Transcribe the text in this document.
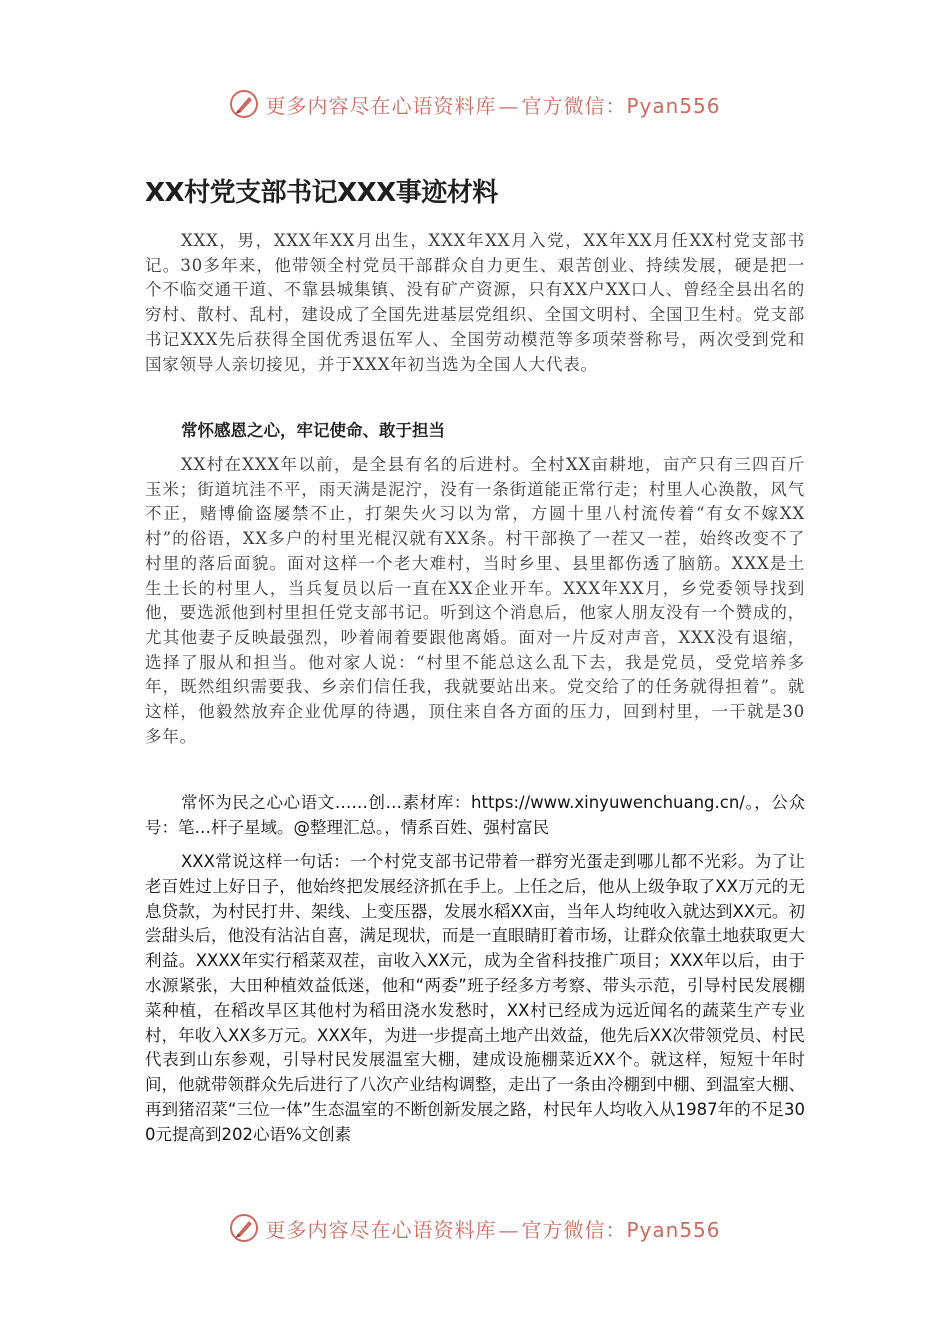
更多内容尽在心语资料库 — 官方微信：Pyan556
XX村党支部书记XXX事迹材料

XXX，男，XXX年XX月出生，XXX年XX月入党，XX年XX月任XX村党支部书记。30多年来，他带领全村党员干部群众自力更生、艰苦创业、持续发展，硬是把一个不临交通干道、不靠县城集镇、没有矿产资源，只有XX户XX口人、曾经全县出名的穷村、散村、乱村，建设成了全国先进基层党组织、全国文明村、全国卫生村。党支部书记XXX先后获得全国优秀退伍军人、全国劳动模范等多项荣誉称号，两次受到党和国家领导人亲切接见，并于XXX年初当选为全国人大代表。

常怀感恩之心，牢记使命、敢于担当

XX村在XXX年以前，是全县有名的后进村。全村XX亩耕地，亩产只有三四百斤玉米；街道坑洼不平，雨天满是泥泞，没有一条街道能正常行走；村里人心涣散，风气不正，赌博偷盗屡禁不止，打架失火习以为常，方圆十里八村流传着“有女不嫁XX村”的俗语，XX多户的村里光棍汉就有XX条。村干部换了一茬又一茬，始终改变不了村里的落后面貌。面对这样一个老大难村，当时乡里、县里都伤透了脑筋。XXX是土生土长的村里人，当兵复员以后一直在XX企业开车。XXX年XX月，乡党委领导找到他，要选派他到村里担任党支部书记。听到这个消息后，他家人朋友没有一个赞成的，尤其他妻子反映最强烈，吵着闹着要跟他离婚。面对一片反对声音，XXX没有退缩，选择了服从和担当。他对家人说：“村里不能总这么乱下去，我是党员，受党培养多年，既然组织需要我、乡亲们信任我，我就要站出来。党交给了的任务就得担着”。就这样，他毅然放弃企业优厚的待遇，顶住来自各方面的压力，回到村里，一干就是30多年。

常怀为民之心心语文……创…素材库：https://www.xinyuwenchuang.cn/。，公众号：笔…杆子星域。@整理汇总。，情系百姓、强村富民

XXX常说这样一句话：一个村党支部书记带着一群穷光蛋走到哪儿都不光彩。为了让老百姓过上好日子，他始终把发展经济抓在手上。上任之后，他从上级争取了XX万元的无息贷款，为村民打井、架线、上变压器，发展水稻XX亩，当年人均纯收入就达到XX元。初尝甜头后，他没有沾沾自喜，满足现状，而是一直眼睛盯着市场，让群众依靠土地获取更大利益。XXXX年实行稻菜双茬，亩收入XX元，成为全省科技推广项目；XXX年以后，由于水源紧张，大田种植效益低迷，他和“两委”班子经多方考察、带头示范，引导村民发展棚菜种植，在稻改旱区其他村为稻田浇水发愁时，XX村已经成为远近闻名的蔬菜生产专业村，年收入XX多万元。XXX年，为进一步提高土地产出效益，他先后XX次带领党员、村民代表到山东参观，引导村民发展温室大棚，建成设施棚菜近XX个。就这样，短短十年时间，他就带领群众先后进行了八次产业结构调整，走出了一条由冷棚到中棚、到温室大棚、再到猪沼菜“三位一体”生态温室的不断创新发展之路，村民年人均收入从1987年的不足300元提高到202心语%文创素

更多内容尽在心语资料库 — 官方微信：Pyan556
